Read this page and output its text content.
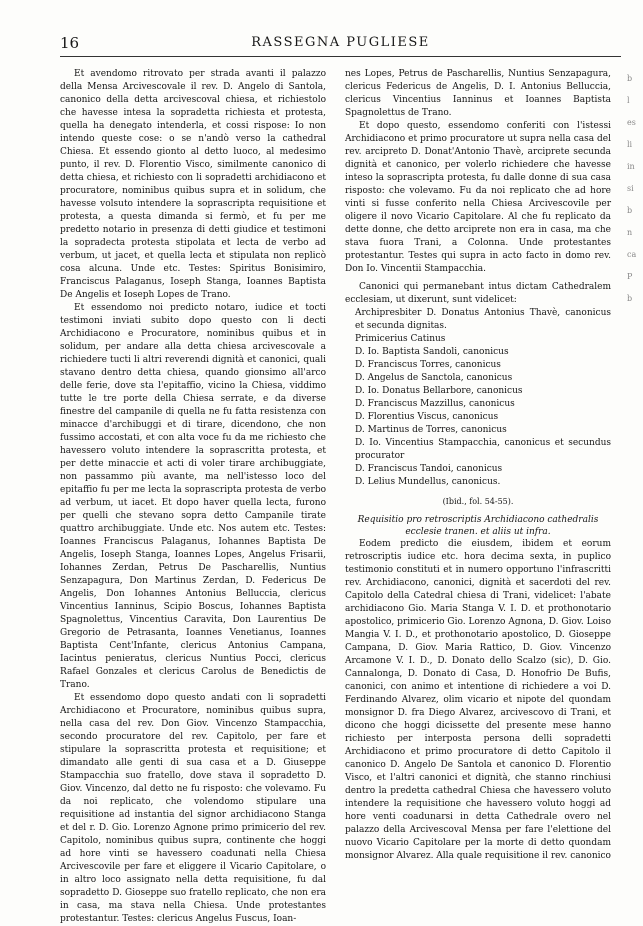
16	RASSEGNA PUGLIESE

Et avendomo ritrovato per strada avanti il palazzo della Mensa Arcivescovale il rev. D. Angelo di Santola, canonico della detta arcivescoval chiesa, et richiestolo che havesse intesa la sopradetta richiesta et protesta, quella ha denegato intenderla, et cossi rispose: Io non intendo queste cose: o se n'andò verso la cathedral Chiesa. Et essendo gionto al detto luoco, al medesimo punto, il rev. D. Florentio Visco, similmente canonico di detta chiesa, et richiesto con li sopradetti archidiacono et procuratore, nominibus quibus supra et in solidum, che havesse volsuto intendere la soprascripta requisitione et protesta, a questa dimanda si fermò, et fu per me predetto notario in presenza di detti giudice et testimoni la sopradecta protesta stipolata et lecta de verbo ad verbum, ut jacet, et quella lecta et stipulata non replicò cosa alcuna. Unde etc. Testes: Spiritus Bonisimiro, Franciscus Palaganus, Ioseph Stanga, Ioannes Baptista De Angelis et Ioseph Lopes de Trano.

Et essendomo noi predicto notaro, iudice et tocti testimoni inviati subito dopo questo con li decti Archidiacono e Procuratore, nominibus quibus et in solidum, per andare alla detta chiesa arcivescovale a richiedere tucti li altri reverendi dignità et canonici, quali stavano dentro detta chiesa, quando gionsimo all'arco delle ferie, dove sta l'epitaffio, vicino la Chiesa, viddimo tutte le tre porte della Chiesa serrate, e da diverse finestre del campanile di quella ne fu fatta resistenza con minacce d'archibuggi et di tirare, dicendono, che non fussimo accostati, et con alta voce fu da me richiesto che havessero voluto intendere la soprascritta protesta, et per dette minaccie et acti di voler tirare archibuggiate, non passammo più avante, ma nell'istesso loco del epitaffio fu per me lecta la soprascripta protesta de verbo ad verbum, ut iacet. Et dopo haver quella lecta, furono per quelli che stevano sopra detto Campanile tirate quattro archibuggiate. Unde etc. Nos autem etc. Testes: Ioannes Franciscus Palaganus, Iohannes Baptista De Angelis, Ioseph Stanga, Ioannes Lopes, Angelus Frisarii, Iohannes Zerdan, Petrus De Pascharellis, Nuntius Senzapagura, Don Martinus Zerdan, D. Federicus De Angelis, Don Iohannes Antonius Belluccia, clericus Vincentius Ianninus, Scipio Boscus, Iohannes Baptista Spagnolettus, Vincentius Caravita, Don Laurentius De Gregorio de Petrasanta, Ioannes Venetianus, Ioannes Baptista Cent'Infante, clericus Antonius Campana, Iacintus penieratus, clericus Nuntius Pocci, clericus Rafael Gonzales et clericus Carolus de Benedictis de Trano.

Et essendomo dopo questo andati con li sopradetti Archidiacono et Procuratore, nominibus quibus supra, nella casa del rev. Don Giov. Vincenzo Stampacchia, secondo procuratore del rev. Capitolo, per fare et stipulare la soprascritta protesta et requisitione; et dimandato alle genti di sua casa et a D. Giuseppe Stampacchia suo fratello, dove stava il sopradetto D. Giov. Vincenzo, dal detto ne fu risposto: che volevamo. Fu da noi replicato, che volendomo stipulare una requisitione ad instantia del signor archidiacono Stanga et del r. D. Gio. Lorenzo Agnone primo primicerio del rev. Capitolo, nominibus quibus supra, continente che hoggi ad hore vinti se havessero coadunati nella Chiesa Arcivescovile per fare et eliggere il Vicario Capitolare, o in altro loco assignato nella detta requisitione, fu dal sopradetto D. Gioseppe suo fratello replicato, che non era in casa, ma stava nella Chiesa. Unde protestantes protestantur. Testes: clericus Angelus Fuscus, Ioan-

nes Lopes, Petrus de Pascharellis, Nuntius Senzapagura, clericus Federicus de Angelis, D. I. Antonius Belluccia, clericus Vincentius Ianninus et Ioannes Baptista Spagnolettus de Trano.

Et dopo questo, essendomo conferiti con l'istessi Archidiacono et primo procuratore ut supra nella casa del rev. arcipreto D. Donat'Antonio Thavè, arciprete secunda dignità et canonico, per volerlo richiedere che havesse inteso la soprascripta protesta, fu dalle donne di sua casa risposto: che volevamo. Fu da noi replicato che ad hore vinti si fusse conferito nella Chiesa Arcivescovile per oligere il novo Vicario Capitolare. Al che fu replicato da dette donne, che detto arciprete non era in casa, ma che stava fuora Trani, a Colonna. Unde protestantes protestantur. Testes qui supra in acto facto in domo rev. Don Io. Vincentii Stampacchia.

Canonici qui permanebant intus dictam Cathedralem ecclesiam, ut dixerunt, sunt videlicet:

Archipresbiter D. Donatus Antonius Thavè, canonicus et secunda dignitas.
Primicerius Catinus
D. Io. Baptista Sandoli, canonicus
D. Franciscus Torres, canonicus
D. Angelus de Sanctola, canonicus
D. Io. Donatus Bellarbore, canonicus
D. Franciscus Mazzillus, canonicus
D. Florentius Viscus, canonicus
D. Martinus de Torres, canonicus
D. Io. Vincentius Stampacchia, canonicus et secundus procurator
D. Franciscus Tandoi, canonicus
D. Lelius Mundellus, canonicus.
(Ibid., fol. 54-55).

Requisitio pro retroscriptis Archidiacono cathedralis ecclesie tranen. et aliis ut infra.

Eodem predicto die eiusdem, ibidem et eorum retroscriptis iudice etc. hora decima sexta, in puplico testimonio constituti et in numero opportuno l'infrascritti rev. Archidiacono, canonici, dignità et sacerdoti del rev. Capitolo della Catedral chiesa di Trani, videlicet: l'abate archidiacono Gio. Maria Stanga V. I. D. et prothonotario apostolico, primicerio Gio. Lorenzo Agnona, D. Giov. Loiso Mangia V. I. D., et prothonotario apostolico, D. Gioseppe Campana, D. Giov. Maria Rattico, D. Giov. Vincenzo Arcamone V. I. D., D. Donato dello Scalzo (sic), D. Gio. Cannalonga, D. Donato di Casa, D. Honofrio De Bufis, canonici, con animo et intentione di richiedere a voi D. Ferdinando Alvarez, olim vicario et nipote del quondam monsignor D. fra Diego Alvarez, arcivescovo di Trani, et dicono che hoggi dicissette del presente mese hanno richiesto per interposta persona delli sopradetti Archidiacono et primo procuratore di detto Capitolo il canonico D. Angelo De Santola et canonico D. Florentio Visco, et l'altri canonici et dignità, che stanno rinchiusi dentro la predetta cathedral Chiesa che havessero voluto intendere la requisitione che havessero voluto hoggi ad hore venti coadunarsi in detta Cathedrale overo nel palazzo della Arcivescoval Mensa per fare l'elettione del nuovo Vicario Capitolare per la morte di detto quondam monsignor Alvarez. Alla quale requisitione il rev. canonico

b
l
es
li
in
si
b
n
ca
P
b
